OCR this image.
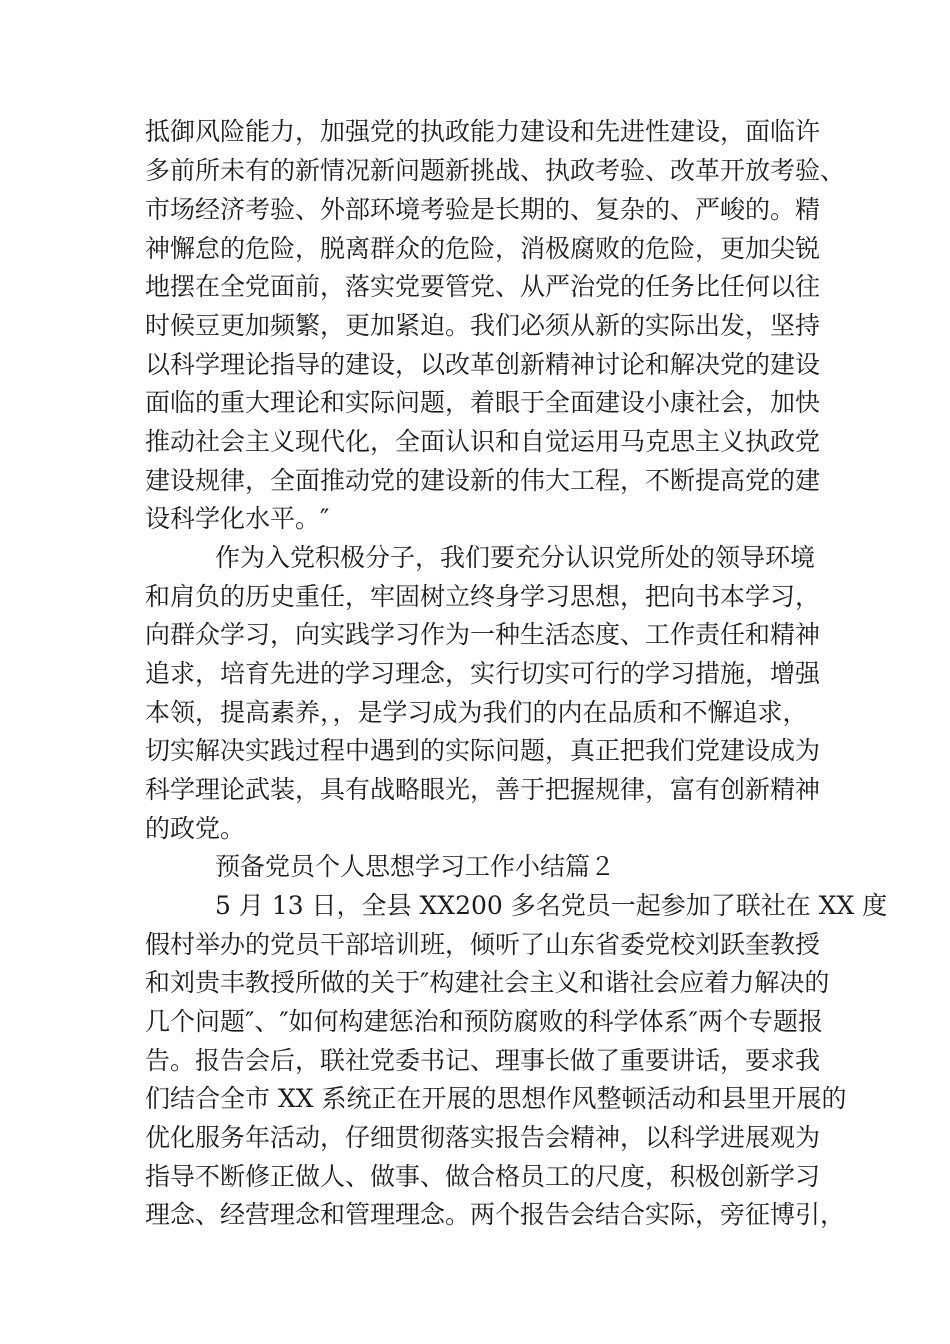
抵御风险能力，加强党的执政能力建设和先进性建设，面临许
多前所未有的新情况新问题新挑战、执政考验、改革开放考验、
市场经济考验、外部环境考验是长期的、复杂的、严峻的。精
神懈怠的危险，脱离群众的危险，消极腐败的危险，更加尖锐
地摆在全党面前，落实党要管党、从严治党的任务比任何以往
时候豆更加频繁，更加紧迫。我们必须从新的实际出发，坚持
以科学理论指导的建设，以改革创新精神讨论和解决党的建设
面临的重大理论和实际问题，着眼于全面建设小康社会，加快
推动社会主义现代化，全面认识和自觉运用马克思主义执政党
建设规律，全面推动党的建设新的伟大工程，不断提高党的建
设科学化水平。″
作为入党积极分子，我们要充分认识党所处的领导环境
和肩负的历史重任，牢固树立终身学习思想，把向书本学习，
向群众学习，向实践学习作为一种生活态度、工作责任和精神
追求，培育先进的学习理念，实行切实可行的学习措施，增强
本领，提高素养，，是学习成为我们的内在品质和不懈追求，
切实解决实践过程中遇到的实际问题，真正把我们党建设成为
科学理论武装，具有战略眼光，善于把握规律，富有创新精神
的政党。
预备党员个人思想学习工作小结篇２
5 月 13 日，全县 XX200 多名党员一起参加了联社在 XX 度
假村举办的党员干部培训班，倾听了山东省委党校刘跃奎教授
和刘贵丰教授所做的关于″构建社会主义和谐社会应着力解决的
几个问题″、″如何构建惩治和预防腐败的科学体系″两个专题报
告。报告会后，联社党委书记、理事长做了重要讲话，要求我
们结合全市 XX 系统正在开展的思想作风整顿活动和县里开展的
优化服务年活动，仔细贯彻落实报告会精神，以科学进展观为
指导不断修正做人、做事、做合格员工的尺度，积极创新学习
理念、经营理念和管理理念。两个报告会结合实际，旁征博引，
